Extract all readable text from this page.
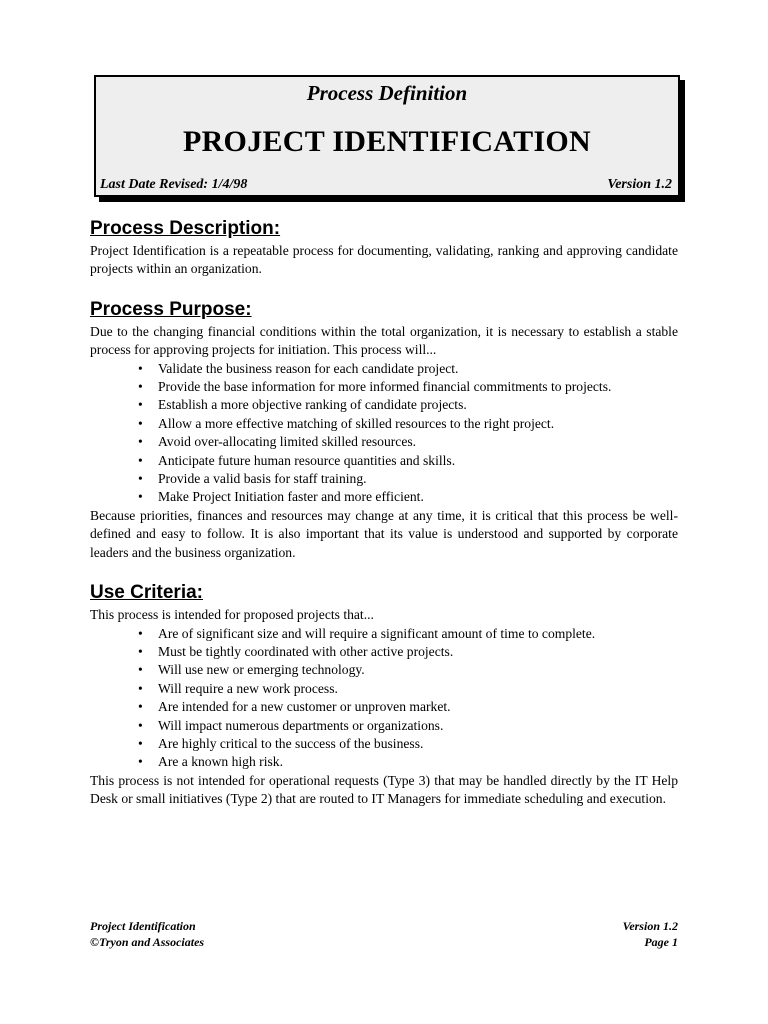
Process Definition
PROJECT IDENTIFICATION
Last Date Revised: 1/4/98	Version 1.2
Process Description:

Project Identification is a repeatable process for documenting, validating, ranking and approving candidate projects within an organization.

Process Purpose:

Due to the changing financial conditions within the total organization, it is necessary to establish a stable process for approving projects for initiation. This process will...

• Validate the business reason for each candidate project.
• Provide the base information for more informed financial commitments to projects.
• Establish a more objective ranking of candidate projects.
• Allow a more effective matching of skilled resources to the right project.
• Avoid over-allocating limited skilled resources.
• Anticipate future human resource quantities and skills.
• Provide a valid basis for staff training.
• Make Project Initiation faster and more efficient.

Because priorities, finances and resources may change at any time, it is critical that this process be well-defined and easy to follow. It is also important that its value is understood and supported by corporate leaders and the business organization.

Use Criteria:

This process is intended for proposed projects that...

• Are of significant size and will require a significant amount of time to complete.
• Must be tightly coordinated with other active projects.
• Will use new or emerging technology.
• Will require a new work process.
• Are intended for a new customer or unproven market.
• Will impact numerous departments or organizations.
• Are highly critical to the success of the business.
• Are a known high risk.

This process is not intended for operational requests (Type 3) that may be handled directly by the IT Help Desk or small initiatives (Type 2) that are routed to IT Managers for immediate scheduling and execution.

Project Identification
©Tryon and Associates
Version 1.2
Page 1
